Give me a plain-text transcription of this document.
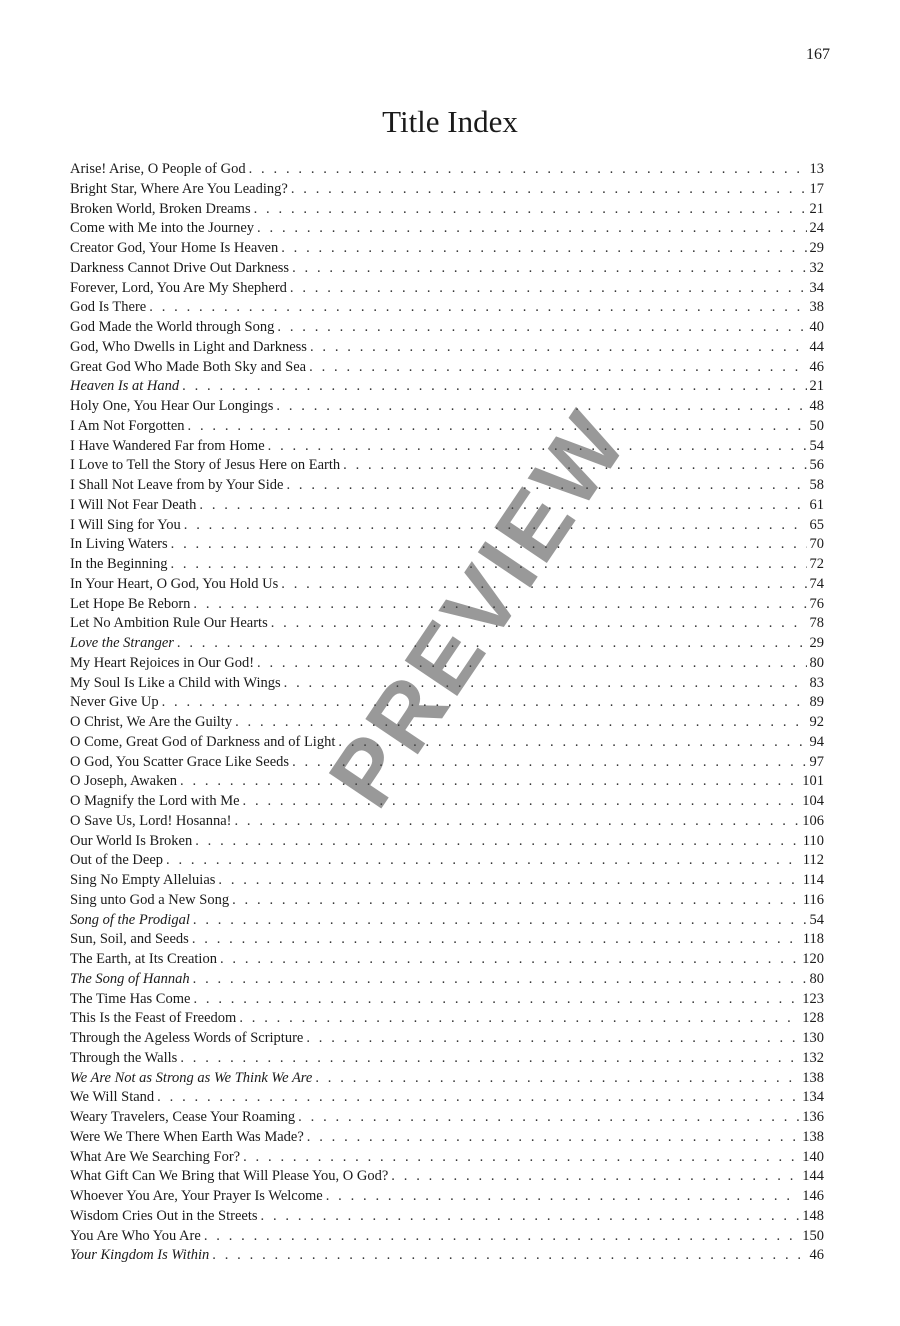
167
Title Index
Arise! Arise, O People of God . . .	13
Bright Star, Where Are You Leading? . . .	17
Broken World, Broken Dreams . . .	21
Come with Me into the Journey . . .	24
Creator God, Your Home Is Heaven . . .	29
Darkness Cannot Drive Out Darkness . . .	32
Forever, Lord, You Are My Shepherd . . .	34
God Is There . . .	38
God Made the World through Song . . .	40
God, Who Dwells in Light and Darkness . . .	44
Great God Who Made Both Sky and Sea . . .	46
Heaven Is at Hand . . .	21
Holy One, You Hear Our Longings . . .	48
I Am Not Forgotten . . .	50
I Have Wandered Far from Home . . .	54
I Love to Tell the Story of Jesus Here on Earth . . .	56
I Shall Not Leave from by Your Side . . .	58
I Will Not Fear Death . . .	61
I Will Sing for You . . .	65
In Living Waters . . .	70
In the Beginning . . .	72
In Your Heart, O God, You Hold Us . . .	74
Let Hope Be Reborn . . .	76
Let No Ambition Rule Our Hearts . . .	78
Love the Stranger . . .	29
My Heart Rejoices in Our God! . . .	80
My Soul Is Like a Child with Wings . . .	83
Never Give Up . . .	89
O Christ, We Are the Guilty . . .	92
O Come, Great God of Darkness and of Light . . .	94
O God, You Scatter Grace Like Seeds . . .	97
O Joseph, Awaken . . .	101
O Magnify the Lord with Me . . .	104
O Save Us, Lord! Hosanna! . . .	106
Our World Is Broken . . .	110
Out of the Deep . . .	112
Sing No Empty Alleluias . . .	114
Sing unto God a New Song . . .	116
Song of the Prodigal . . .	54
Sun, Soil, and Seeds . . .	118
The Earth, at Its Creation . . .	120
The Song of Hannah . . .	80
The Time Has Come . . .	123
This Is the Feast of Freedom . . .	128
Through the Ageless Words of Scripture . . .	130
Through the Walls . . .	132
We Are Not as Strong as We Think We Are . . .	138
We Will Stand . . .	134
Weary Travelers, Cease Your Roaming . . .	136
Were We There When Earth Was Made? . . .	138
What Are We Searching For? . . .	140
What Gift Can We Bring that Will Please You, O God? . . .	144
Whoever You Are, Your Prayer Is Welcome . . .	146
Wisdom Cries Out in the Streets . . .	148
You Are Who You Are . . .	150
Your Kingdom Is Within . . .	46
PREVIEW
